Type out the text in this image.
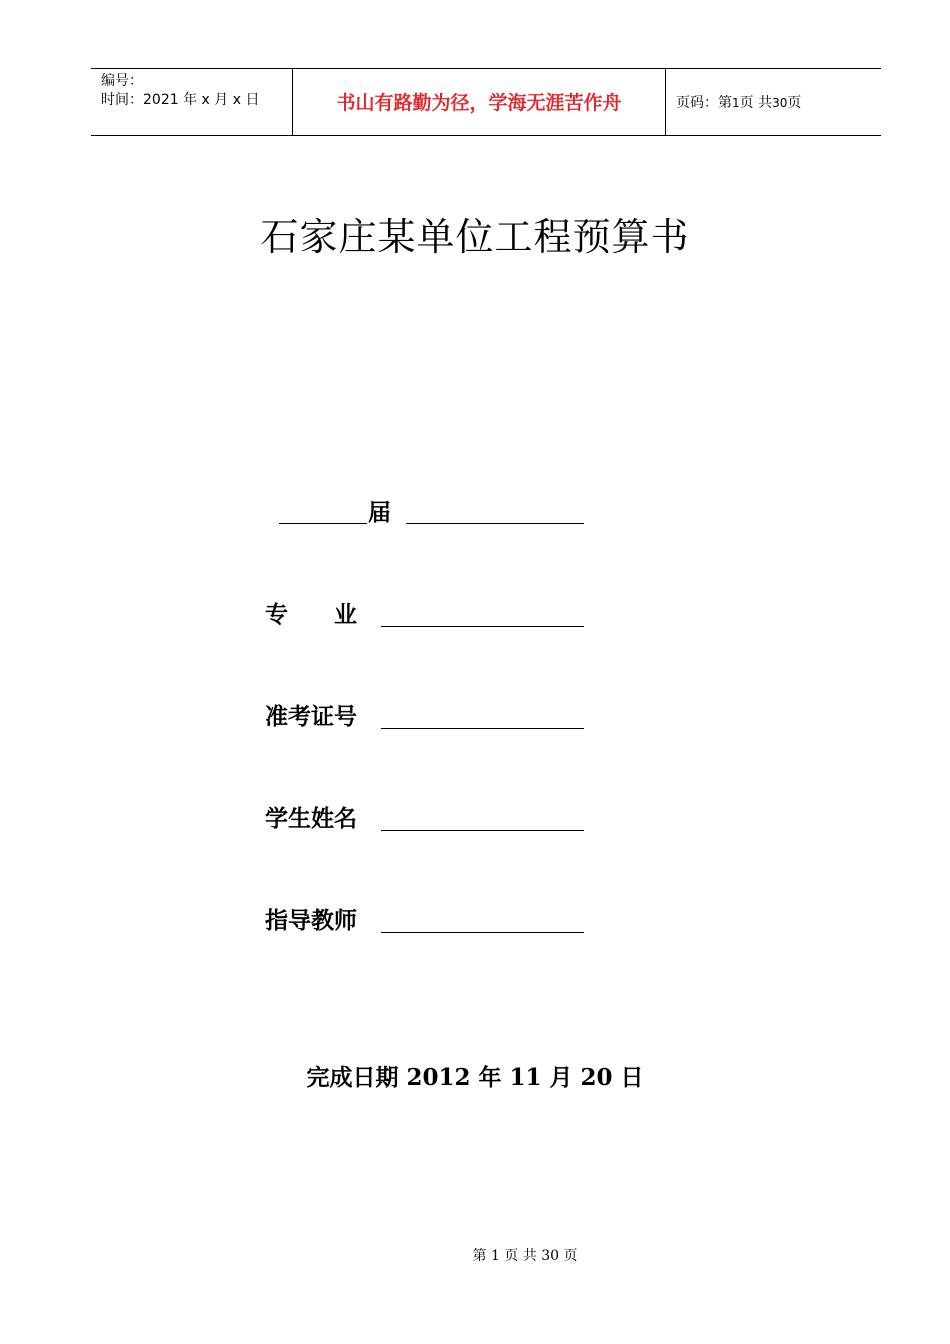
编号：
时间：2021 年 x 月 x 日	书山有路勤为径，学海无涯苦作舟	页码：第1页 共30页
石家庄某单位工程预算书
届
专　　业
准考证号
学生姓名
指导教师
完成日期 2012 年 11 月 20 日
第 1 页 共 30 页
